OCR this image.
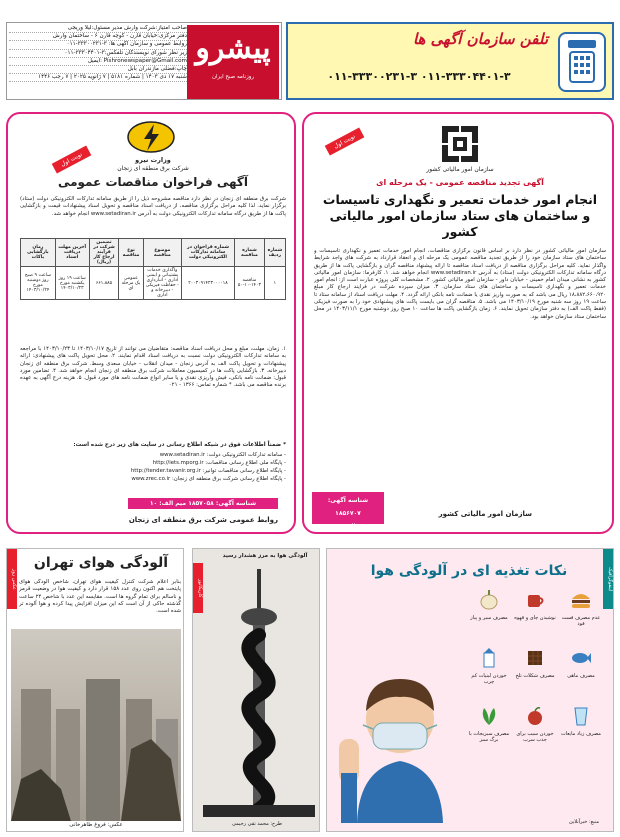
صاحب امتیاز:شرکت وارش مدیر مسئول:لیلا وریجی
دفتر مرکزی:خیابان قارن - کوچه قارن ۶ - ساختمان وارش
روابط عمومی و سازمان آگهی ها: ۳-۳۳۳۰۰۲۳۱-۰۱۱
زیر نظر شورای نویسندگان تلفکس:۳-۳۳۳۰۴۴۰۱-۰۱۱
Pishronewspaper@Gmail.com :ایمیل
چاپ:فضلی مازندران بابل
شنبه ۱۷ دی ۱۴۰۳ | شماره ۵۱۸۱ | ۷ ژانویه ۲۰۲۵ | ۷ رجب ۱۴۴۶
پیشرو
روزنامه صبح ایران
تلفن سازمان آگهی ها
۰۱۱-۳۳۳۰۰۲۳۱-۳ ۰۱۱-۳۳۳۰۴۴۰۱-۳
نوبت اول
سازمان امور مالیاتی کشور
آگهی تجدید مناقصه عمومی - یک مرحله ای
انجام امور خدمات تعمیر و نگهداری تاسیسات و ساختمان های ستاد سازمان امور مالیاتی کشور
سازمان امور مالیاتی کشور در نظر دارد بر اساس قانون برگزاری مناقصات، انجام امور خدمات تعمیر و نگهداری تاسیسات و ساختمان های ستاد سازمان خود را از طریق تجدید مناقصه عمومی یک مرحله ای و انعقاد قرارداد به شرکت های واجد شرایط واگذار نماید. کلیه مراحل برگزاری مناقصه از دریافت اسناد مناقصه تا ارائه پیشنهاد مناقصه گران و بازگشایی پاکت ها از طریق درگاه سامانه تدارکات الکترونیکی دولت (ستاد) به آدرس www.setadiran.ir انجام خواهد شد. ۱. کارفرما: سازمان امور مالیاتی کشور به نشانی میدان امام خمینی - خیابان داور - سازمان امور مالیاتی کشور. ۲. مشخصات کلی پروژه عبارت است از: انجام امور خدمات تعمیر و نگهداری تاسیسات و ساختمان های ستاد سازمان. ۳. میزان سپرده شرکت در فرایند ارجاع کار مبلغ ۱۸،۸۸۲،۶۶۰،۹۲۰ ریال می باشد که به صورت واریز نقدی یا ضمانت نامه بانکی ارائه گردد. ۴. مهلت دریافت اسناد از سامانه ستاد تا ساعت ۱۹ روز سه شنبه مورخ ۱۴۰۳/۱۰/۱۹ می باشد. ۵. مناقصه گران می بایست پاکت های پیشنهادی خود را به صورت فیزیکی (فقط پاکت الف) به دفتر سازمان تحویل نمایند. ۶. زمان بازگشایی پاکت ها ساعت ۱۰ صبح روز دوشنبه مورخ ۱۴۰۳/۱۱/۱ در محل ساختمان ستاد سازمان خواهد بود.
سازمان امور مالیاتی کشور
شناسه آگهی: ۱۸۵۶۷۰۷
میم الف ۳۴۴۵
نوبت اول	وزارت نیرو
شرکت برق منطقه ای زنجان
آگهی فراخوان مناقصات عمومی
شرکت برق منطقه ای زنجان در نظر دارد مناقصه مشروحه ذیل را از طریق سامانه تدارکات الکترونیکی دولت (ستاد) برگزار نماید. لذا کلیه مراحل برگزاری مناقصه، از دریافت اسناد مناقصه و تحویل اسناد پیشنهادات قیمت و بازگشایی پاکت ها از طریق درگاه سامانه تدارکات الکترونیکی دولت به آدرس www.setadiran.ir انجام خواهد شد.
شماره ردیف	شماره مناقصه	شماره فراخوان در سامانه تدارکات الکترونیکی دولت	موضوع مناقصه	نوع مناقصه	تضمین شرکت در فرآیند ارجاع کار (ریال)	آخرین مهلت دریافت اسناد	زمان بازگشایی پاکات
۱	مناقصه ۱۴۰۳-۱۰-۵۰	۲۰۰۳۰۹۱۴۲۳۰۰۰۰۱۸	واگذاری خدمات پشتیبانی و ایمنی اداری - انبارداری - حفاظت فیزیکی - دبیرخانه و اداری	عمومی یک مرحله ای	۶۶۱،۸۸۵	ساعت ۱۹ روز یکشنبه مورخ ۱۴۰۳/۱۰/۲۳	ساعت ۹ صبح روز دوشنبه مورخ ۱۴۰۳/۱۰/۲۴
۱. زمان، مهلت، مبلغ و محل دریافت اسناد مناقصه: متقاضیان می توانند از تاریخ ۱۴۰۳/۱۰/۱۷ تا ۱۴۰۳/۱۰/۲۳ با مراجعه به سامانه تدارکات الکترونیکی دولت نسبت به دریافت اسناد اقدام نمایند. ۲. محل تحویل پاکت های پیشنهادی: ارائه پیشنهادات و تحویل پاکت الف به آدرس زنجان - میدان انقلاب - خیابان سعدی وسط. شرکت برق منطقه ای زنجان دبیرخانه. ۳. بازگشایی پاکت ها در کمیسیون معاملات شرکت برق منطقه ای زنجان انجام خواهد شد. ۴. تضامین مورد قبول: ضمانت نامه بانکی، فیش واریزی نقدی و یا سایر انواع ضمانت نامه های مورد قبول. ۵. هزینه درج آگهی به عهده برنده مناقصه می باشد. * شماره تماس: ۱۳۶۶ - ۰۲۱
* ضمناً اطلاعات فوق در شبکه اطلاع رسانی در سایت های زیر درج شده است:
- سامانه تدارکات الکترونیکی دولت: www.setadiran.ir
- پایگاه ملی اطلاع رسانی مناقصات: http://iets.mporg.ir
- پایگاه اطلاع رسانی مناقصات توانیر: http://tender.tavanir.org.ir
- پایگاه اطلاع رسانی شرکت برق منطقه ای زنجان: www.zrec.co.ir
شناسه آگهی: ۱۸۵۷۰۵۸ میم الف: ۱۰
روابط عمومی شرکت برق منطقه ای زنجان
عکس روز
آلودگی هوای تهران
بنابر اعلام شرکت کنترل کیفیت هوای تهران، شاخص آلودگی هوای پایتخت هم اکنون روی عدد ۱۵۸ قرار دارد و کیفیت هوا در وضعیت قرمز و ناسالم برای تمام گروه ها است. مقایسه این عدد با شاخص ۲۴ ساعت گذشته حاکی از آن است که این میزان افزایش پیدا کرده و هوا آلوده تر شده است.
عکس: فروغ طاهرخانی
آلودگی هوا به مرز هشدار رسید
کاریکاتور
طرح: محمد تقی رحیمی
اینفوگرافیک
نکات تغذیه ای در آلودگی هوا
عدم مصرف فست فود
نوشیدن چای و قهوه
مصرف سیر و پیاز
مصرف ماهی
مصرف شکلات تلخ
خوردن لبنیات کم چرب
مصرف زیاد مایعات
خوردن سیب برای جذب سرب
مصرف سبزیجات با برگ سبز
منبع: خبرآنلاین
